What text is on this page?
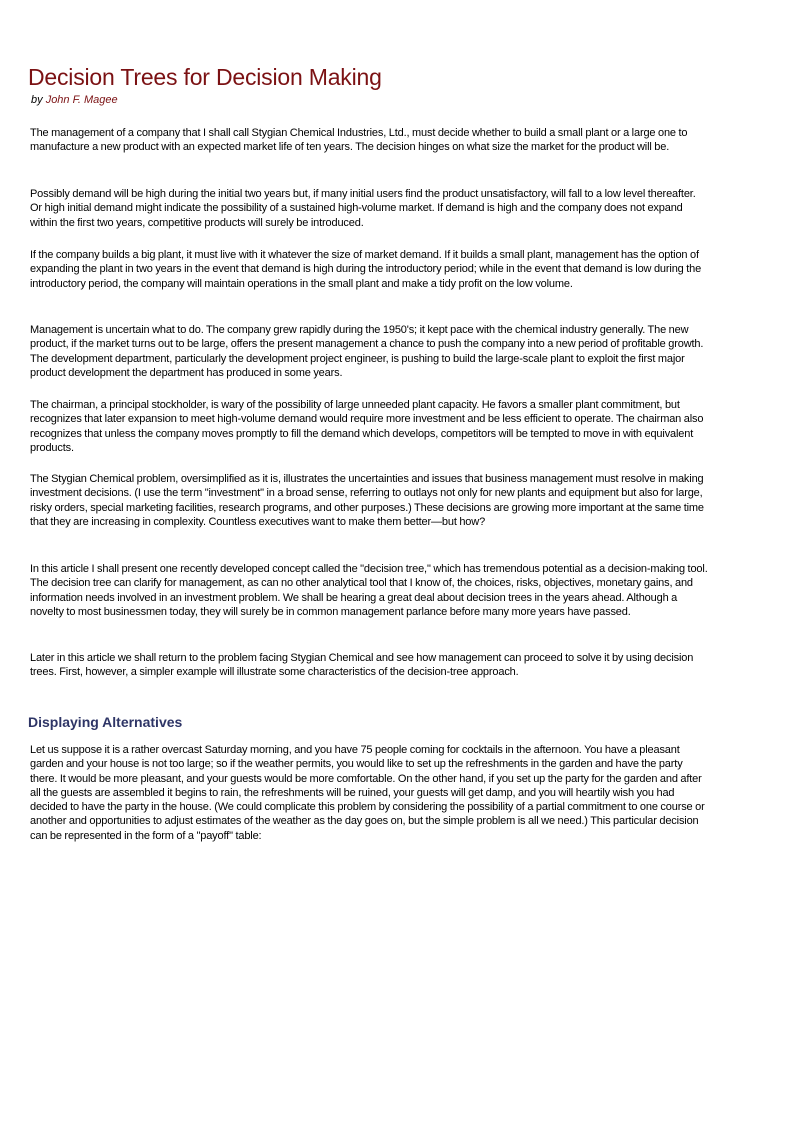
Decision Trees for Decision Making
by John F. Magee

The management of a company that I shall call Stygian Chemical Industries, Ltd., must decide whether to build a small plant or a large one to manufacture a new product with an expected market life of ten years. The decision hinges on what size the market for the product will be.

Possibly demand will be high during the initial two years but, if many initial users find the product unsatisfactory, will fall to a low level thereafter. Or high initial demand might indicate the possibility of a sustained high-volume market. If demand is high and the company does not expand within the first two years, competitive products will surely be introduced.

If the company builds a big plant, it must live with it whatever the size of market demand. If it builds a small plant, management has the option of expanding the plant in two years in the event that demand is high during the introductory period; while in the event that demand is low during the introductory period, the company will maintain operations in the small plant and make a tidy profit on the low volume.

Management is uncertain what to do. The company grew rapidly during the 1950's; it kept pace with the chemical industry generally. The new product, if the market turns out to be large, offers the present management a chance to push the company into a new period of profitable growth. The development department, particularly the development project engineer, is pushing to build the large-scale plant to exploit the first major product development the department has produced in some years.

The chairman, a principal stockholder, is wary of the possibility of large unneeded plant capacity. He favors a smaller plant commitment, but recognizes that later expansion to meet high-volume demand would require more investment and be less efficient to operate. The chairman also recognizes that unless the company moves promptly to fill the demand which develops, competitors will be tempted to move in with equivalent products.

The Stygian Chemical problem, oversimplified as it is, illustrates the uncertainties and issues that business management must resolve in making investment decisions. (I use the term "investment" in a broad sense, referring to outlays not only for new plants and equipment but also for large, risky orders, special marketing facilities, research programs, and other purposes.) These decisions are growing more important at the same time that they are increasing in complexity. Countless executives want to make them better—but how?

In this article I shall present one recently developed concept called the "decision tree," which has tremendous potential as a decision-making tool. The decision tree can clarify for management, as can no other analytical tool that I know of, the choices, risks, objectives, monetary gains, and information needs involved in an investment problem. We shall be hearing a great deal about decision trees in the years ahead. Although a novelty to most businessmen today, they will surely be in common management parlance before many more years have passed.

Later in this article we shall return to the problem facing Stygian Chemical and see how management can proceed to solve it by using decision trees. First, however, a simpler example will illustrate some characteristics of the decision-tree approach.

Displaying Alternatives

Let us suppose it is a rather overcast Saturday morning, and you have 75 people coming for cocktails in the afternoon. You have a pleasant garden and your house is not too large; so if the weather permits, you would like to set up the refreshments in the garden and have the party there. It would be more pleasant, and your guests would be more comfortable. On the other hand, if you set up the party for the garden and after all the guests are assembled it begins to rain, the refreshments will be ruined, your guests will get damp, and you will heartily wish you had decided to have the party in the house. (We could complicate this problem by considering the possibility of a partial commitment to one course or another and opportunities to adjust estimates of the weather as the day goes on, but the simple problem is all we need.) This particular decision can be represented in the form of a "payoff" table:
